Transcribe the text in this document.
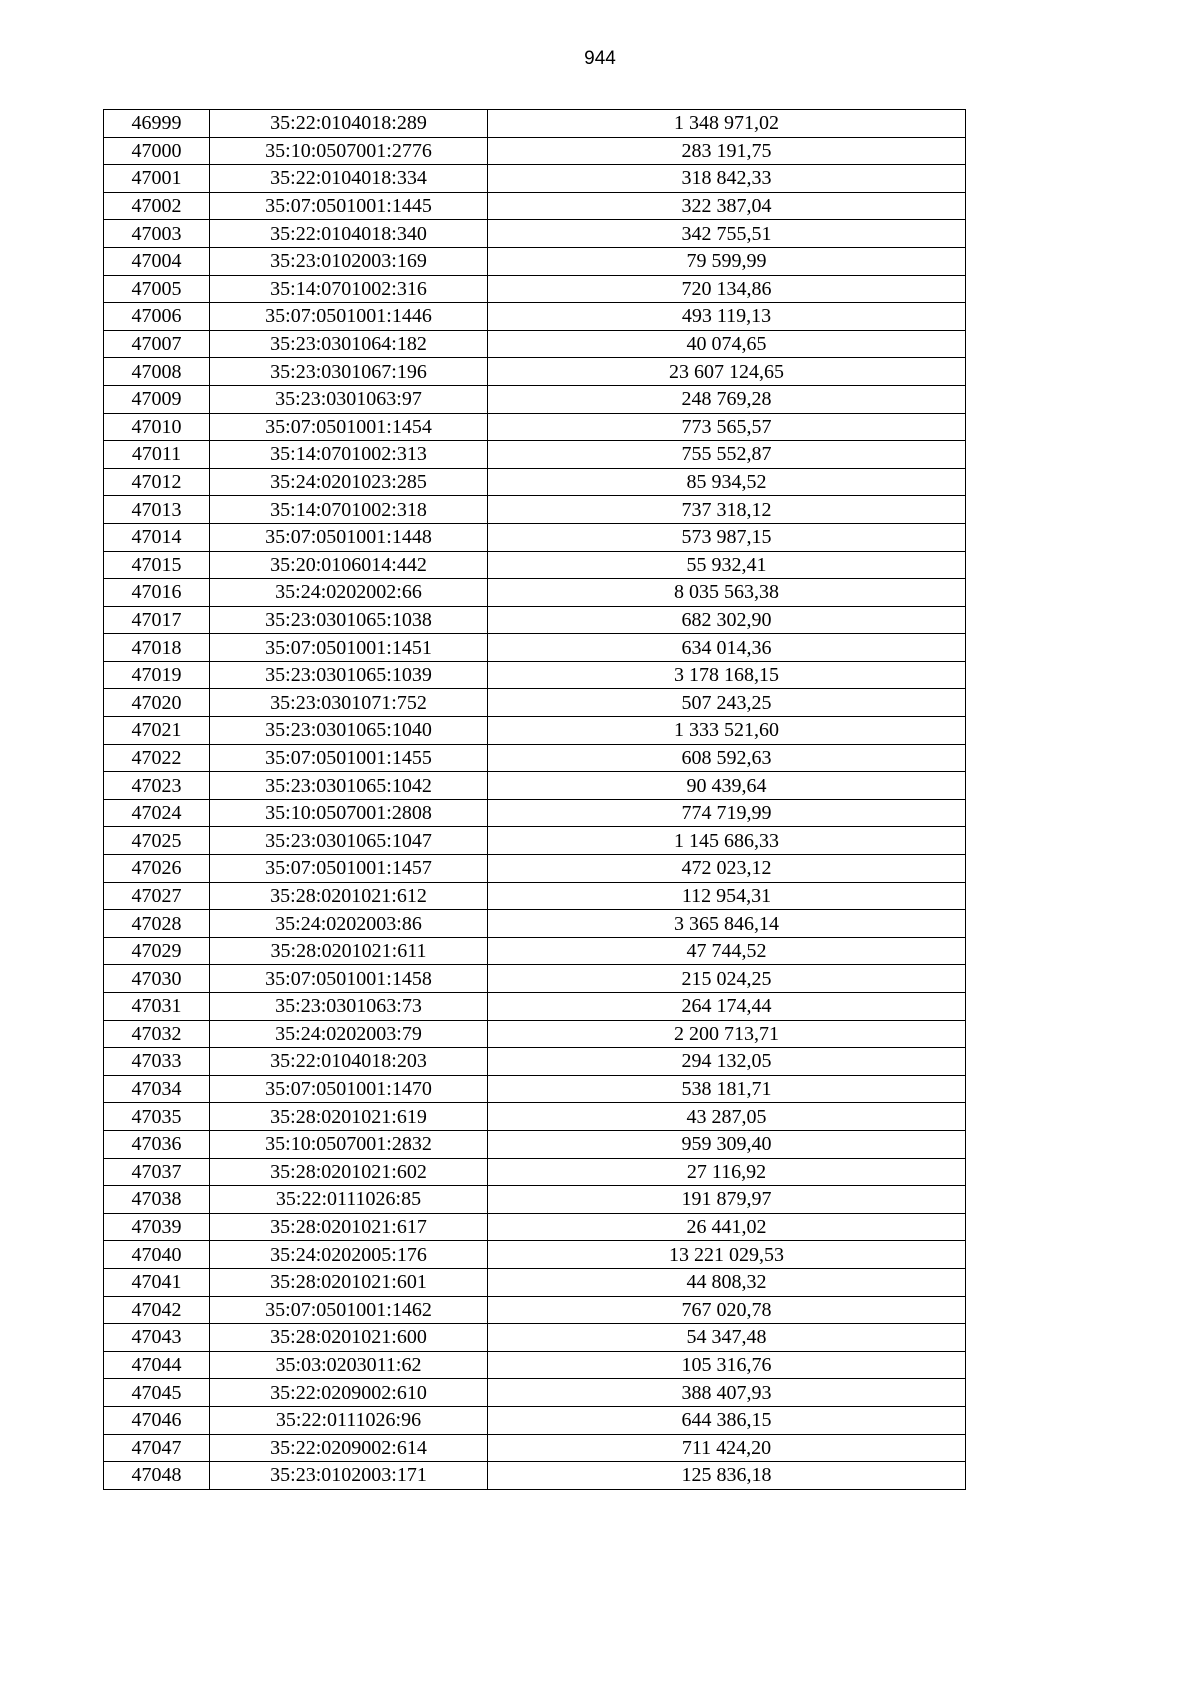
944
46999	35:22:0104018:289	1 348 971,02
47000	35:10:0507001:2776	283 191,75
47001	35:22:0104018:334	318 842,33
47002	35:07:0501001:1445	322 387,04
47003	35:22:0104018:340	342 755,51
47004	35:23:0102003:169	79 599,99
47005	35:14:0701002:316	720 134,86
47006	35:07:0501001:1446	493 119,13
47007	35:23:0301064:182	40 074,65
47008	35:23:0301067:196	23 607 124,65
47009	35:23:0301063:97	248 769,28
47010	35:07:0501001:1454	773 565,57
47011	35:14:0701002:313	755 552,87
47012	35:24:0201023:285	85 934,52
47013	35:14:0701002:318	737 318,12
47014	35:07:0501001:1448	573 987,15
47015	35:20:0106014:442	55 932,41
47016	35:24:0202002:66	8 035 563,38
47017	35:23:0301065:1038	682 302,90
47018	35:07:0501001:1451	634 014,36
47019	35:23:0301065:1039	3 178 168,15
47020	35:23:0301071:752	507 243,25
47021	35:23:0301065:1040	1 333 521,60
47022	35:07:0501001:1455	608 592,63
47023	35:23:0301065:1042	90 439,64
47024	35:10:0507001:2808	774 719,99
47025	35:23:0301065:1047	1 145 686,33
47026	35:07:0501001:1457	472 023,12
47027	35:28:0201021:612	112 954,31
47028	35:24:0202003:86	3 365 846,14
47029	35:28:0201021:611	47 744,52
47030	35:07:0501001:1458	215 024,25
47031	35:23:0301063:73	264 174,44
47032	35:24:0202003:79	2 200 713,71
47033	35:22:0104018:203	294 132,05
47034	35:07:0501001:1470	538 181,71
47035	35:28:0201021:619	43 287,05
47036	35:10:0507001:2832	959 309,40
47037	35:28:0201021:602	27 116,92
47038	35:22:0111026:85	191 879,97
47039	35:28:0201021:617	26 441,02
47040	35:24:0202005:176	13 221 029,53
47041	35:28:0201021:601	44 808,32
47042	35:07:0501001:1462	767 020,78
47043	35:28:0201021:600	54 347,48
47044	35:03:0203011:62	105 316,76
47045	35:22:0209002:610	388 407,93
47046	35:22:0111026:96	644 386,15
47047	35:22:0209002:614	711 424,20
47048	35:23:0102003:171	125 836,18
